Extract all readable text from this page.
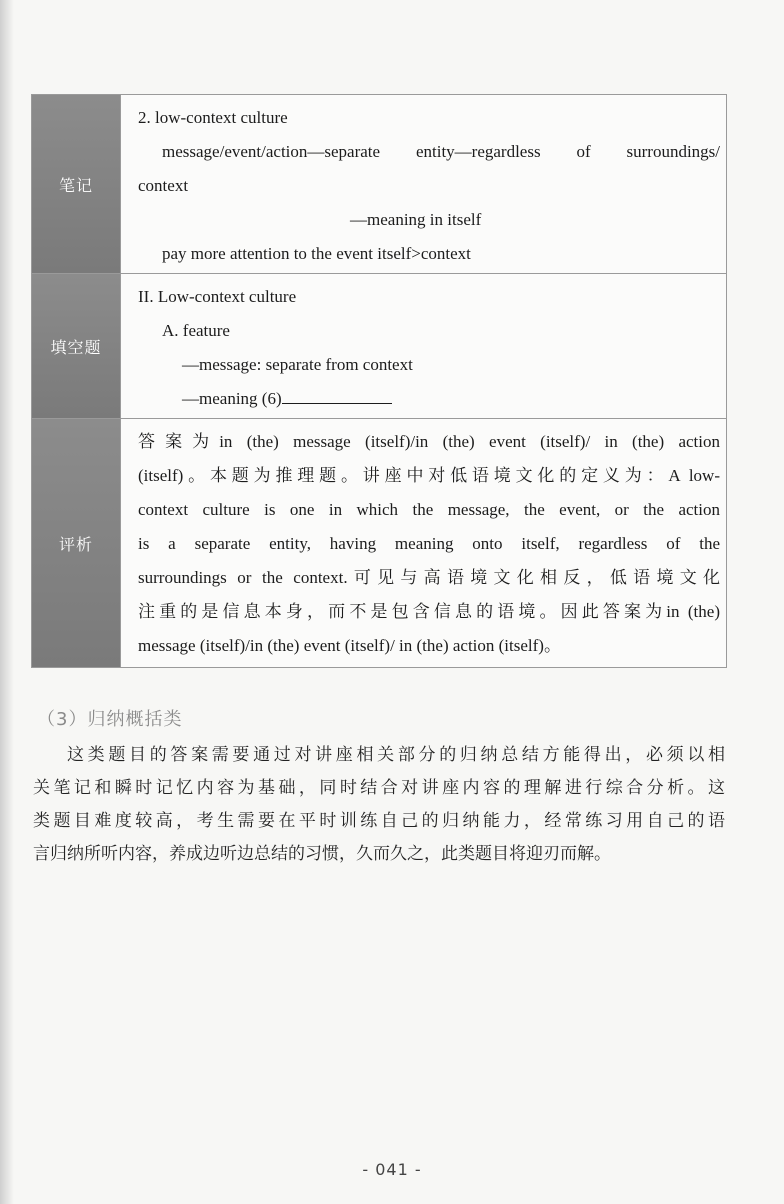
笔记
2. low-context culture
message/event/action—separate entity—regardless of surroundings/
context
—meaning in itself
pay more attention to the event itself>context
填空题
II. Low-context culture
A. feature
—message: separate from context
—meaning (6)
评析
答案为in (the) message (itself)/in (the) event (itself)/ in (the) action
(itself)。本题为推理题。讲座中对低语境文化的定义为：A low-
context culture is one in which the message, the event, or the action
is a separate entity, having meaning onto itself, regardless of the
surroundings or the context.可见与高语境文化相反，低语境文化
注重的是信息本身，而不是包含信息的语境。因此答案为in (the)
message (itself)/in (the) event (itself)/ in (the) action (itself)。
（3）归纳概括类
这类题目的答案需要通过对讲座相关部分的归纳总结方能得出，必须以相
关笔记和瞬时记忆内容为基础，同时结合对讲座内容的理解进行综合分析。这
类题目难度较高，考生需要在平时训练自己的归纳能力，经常练习用自己的语
言归纳所听内容，养成边听边总结的习惯，久而久之，此类题目将迎刃而解。
- 041 -
